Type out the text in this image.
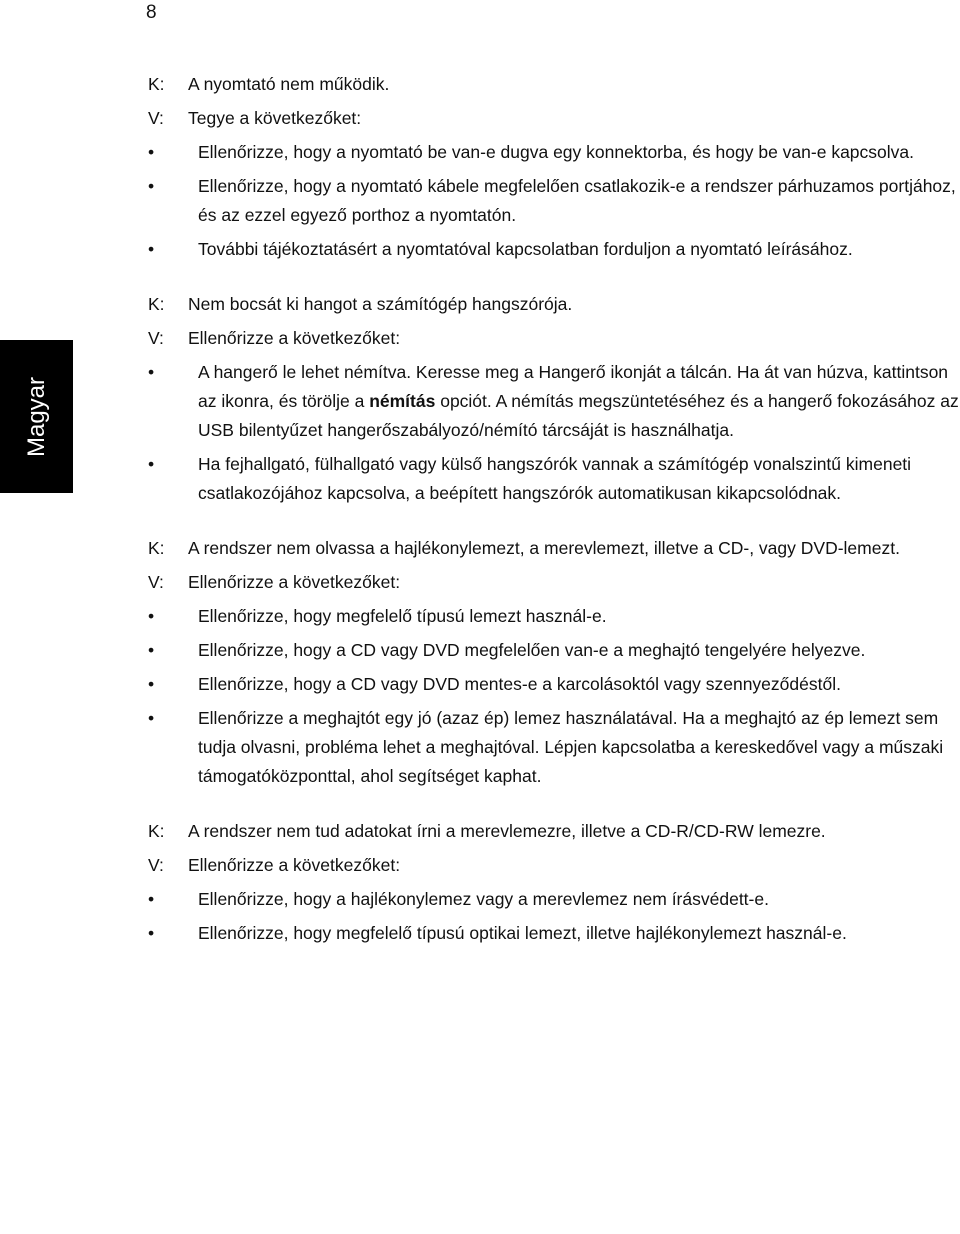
8
Magyar
K:	A nyomtató nem működik.
V:	Tegye a következőket:
• Ellenőrizze, hogy a nyomtató be van-e dugva egy konnektorba, és hogy be van-e kapcsolva.
• Ellenőrizze, hogy a nyomtató kábele megfelelően csatlakozik-e a rendszer párhuzamos portjához, és az ezzel egyező porthoz a nyomtatón.
• További tájékoztatásért a nyomtatóval kapcsolatban forduljon a nyomtató leírásához.
K:	Nem bocsát ki hangot a számítógép hangszórója.
V:	Ellenőrizze a következőket:
• A hangerő le lehet némítva. Keresse meg a Hangerő ikonját a tálcán. Ha át van húzva, kattintson az ikonra, és törölje a némítás opciót. A némítás megszüntetéséhez és a hangerő fokozásához az USB bilentyűzet hangerőszabályozó/némító tárcsáját is használhatja.
• Ha fejhallgató, fülhallgató vagy külső hangszórók vannak a számítógép vonalszintű kimeneti csatlakozójához kapcsolva, a beépített hangszórók automatikusan kikapcsolódnak.
K:	A rendszer nem olvassa a hajlékonylemezt, a merevlemezt, illetve a CD-, vagy DVD-lemezt.
V:	Ellenőrizze a következőket:
• Ellenőrizze, hogy megfelelő típusú lemezt használ-e.
• Ellenőrizze, hogy a CD vagy DVD megfelelően van-e a meghajtó tengelyére helyezve.
• Ellenőrizze, hogy a CD vagy DVD mentes-e a karcolásoktól vagy szennyeződéstől.
• Ellenőrizze a meghajtót egy jó (azaz ép) lemez használatával. Ha a meghajtó az ép lemezt sem tudja olvasni, probléma lehet a meghajtóval. Lépjen kapcsolatba a kereskedővel vagy a műszaki támogatóközponttal, ahol segítséget kaphat.
K:	A rendszer nem tud adatokat írni a merevlemezre, illetve a CD-R/CD-RW lemezre.
V:	Ellenőrizze a következőket:
• Ellenőrizze, hogy a hajlékonylemez vagy a merevlemez nem írásvédett-e.
• Ellenőrizze, hogy megfelelő típusú optikai lemezt, illetve hajlékonylemezt használ-e.
